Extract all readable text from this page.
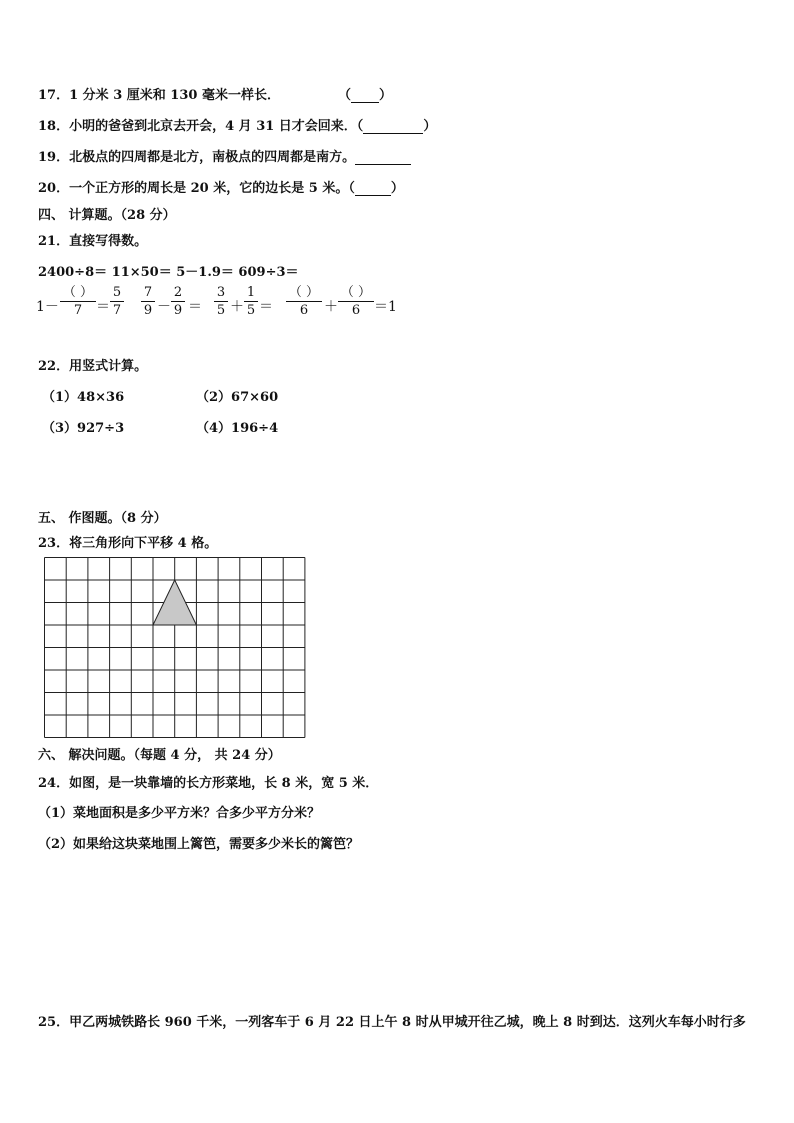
17．1 分米 3 厘米和 130 毫米一样长．	（ ）
18．小明的爸爸到北京去开会，4 月 31 日才会回来．（	）
19．北极点的四周都是北方，南极点的四周都是南方。
20．一个正方形的周长是 20 米，它的边长是 5 米。（	）
四、 计算题。（28 分）
21．直接写得数。
2400÷8＝ 11×50＝ 5－1.9＝ 609÷3＝
1－
（ ）
7 ＝
5
7
7
9 －
2
9 ＝
3
5 ＋
1
5 ＝
（ ）
6	＋
（ ）
6 ＝1
22．用竖式计算。
（1）48×36	（2）67×60
（3）927÷3	（4）196÷4
五、 作图题。（8 分）
23．将三角形向下平移 4 格。
六、 解决问题。（每题 4 分， 共 24 分）
24．如图，是一块靠墙的长方形菜地，长 8 米，宽 5 米．
（1）菜地面积是多少平方米？合多少平方分米？
（2）如果给这块菜地围上篱笆，需要多少米长的篱笆？
25．甲乙两城铁路长 960 千米，一列客车于 6 月 22 日上午 8 时从甲城开往乙城，晚上 8 时到达．这列火车每小时行多
